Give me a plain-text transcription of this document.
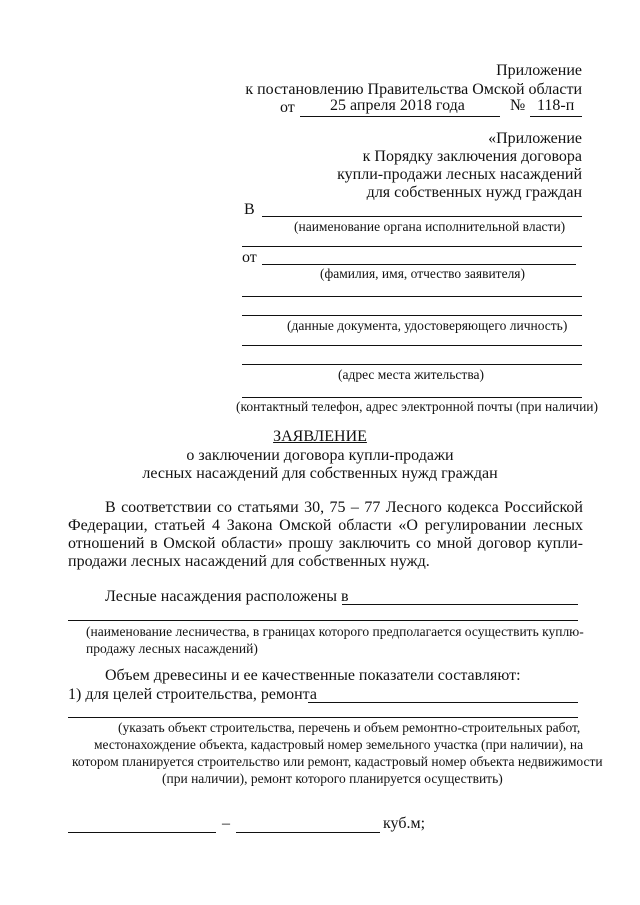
Приложение
к постановлению Правительства Омской области
от 25 апреля 2018 года	№ 118-п
«Приложение
к Порядку заключения договора
купли-продажи лесных насаждений
для собственных нужд граждан
В
(наименование органа исполнительной власти)
от
(фамилия, имя, отчество заявителя)
(данные документа, удостоверяющего личность)
(адрес места жительства)
(контактный телефон, адрес электронной почты (при наличии)
ЗАЯВЛЕНИЕ
о заключении договора купли-продажи
лесных насаждений для собственных нужд граждан
В соответствии со статьями 30, 75 – 77 Лесного кодекса Российской
Федерации, статьей 4 Закона Омской области «О регулировании лесных
отношений в Омской области» прошу заключить со мной договор купли-
продажи лесных насаждений для собственных нужд.
Лесные насаждения расположены в
(наименование лесничества, в границах которого предполагается осуществить куплю-
продажу лесных насаждений)
Объем древесины и ее качественные показатели составляют:
1) для целей строительства, ремонта
(указать объект строительства, перечень и объем ремонтно-строительных работ,
местонахождение объекта, кадастровый номер земельного участка (при наличии), на
котором планируется строительство или ремонт, кадастровый номер объекта недвижимости
(при наличии), ремонт которого планируется осуществить)
–	куб.м;
